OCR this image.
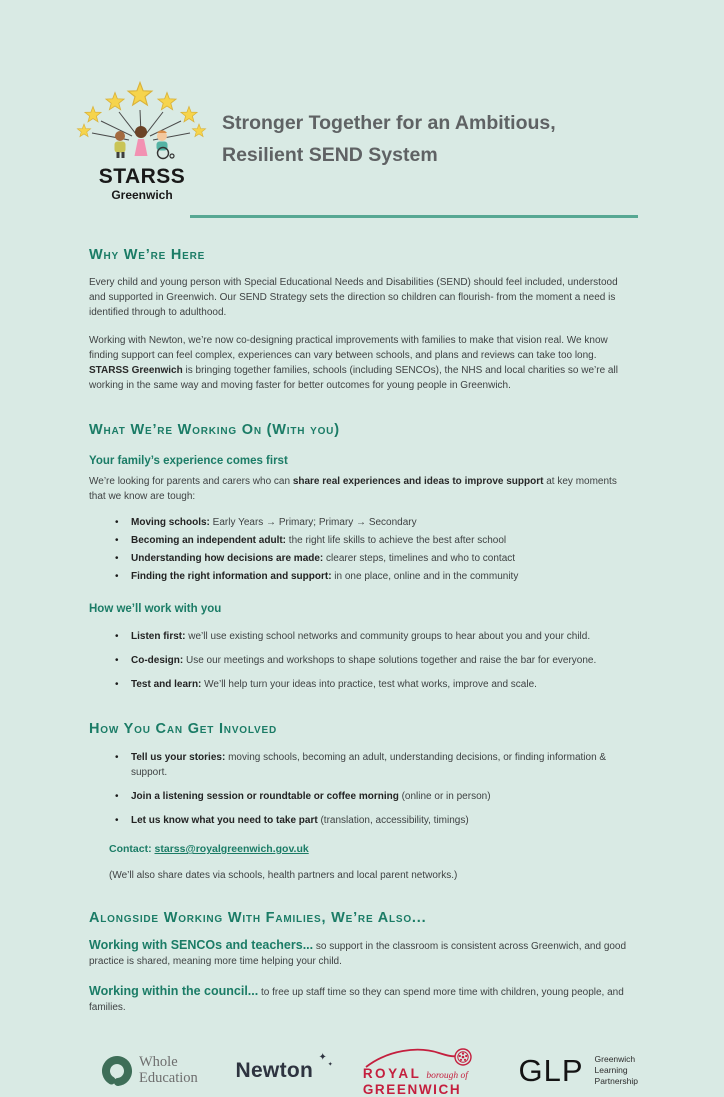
STARSS
Greenwich
Stronger Together for an Ambitious,
Resilient SEND System
Why We’re Here

Every child and young person with Special Educational Needs and Disabilities (SEND) should feel included, understood and supported in Greenwich. Our SEND Strategy sets the direction so children can flourish- from the moment a need is identified through to adulthood.

Working with Newton, we’re now co-designing practical improvements with families to make that vision real. We know finding support can feel complex, experiences can vary between schools, and plans and reviews can take too long. STARSS Greenwich is bringing together families, schools (including SENCOs), the NHS and local charities so we’re all working in the same way and moving faster for better outcomes for young people in Greenwich.

What We’re Working On (With you)
Your family’s experience comes first

We’re looking for parents and carers who can share real experiences and ideas to improve support at key moments that we know are tough:

• Moving schools: Early Years → Primary; Primary → Secondary
• Becoming an independent adult: the right life skills to achieve the best after school
• Understanding how decisions are made: clearer steps, timelines and who to contact
• Finding the right information and support: in one place, online and in the community
How we’ll work with you
• Listen first: we’ll use existing school networks and community groups to hear about you and your child.
• Co-design: Use our meetings and workshops to shape solutions together and raise the bar for everyone.
• Test and learn: We’ll help turn your ideas into practice, test what works, improve and scale.
How You Can Get Involved
• Tell us your stories: moving schools, becoming an adult, understanding decisions, or finding information & support.
• Join a listening session or roundtable or coffee morning (online or in person)
• Let us know what you need to take part (translation, accessibility, timings)
Contact: starss@royalgreenwich.gov.uk
(We’ll also share dates via schools, health partners and local parent networks.)
Alongside Working With Families, We’re Also...

Working with SENCOs and teachers... so support in the classroom is consistent across Greenwich, and good practice is shared, meaning more time helping your child.

Working within the council... to free up staff time so they can spend more time with children, young people, and families.

Whole
Education Newton
✦
✦
ROYAL borough of
GREENWICH
GLP Greenwich
Learning
Partnership
